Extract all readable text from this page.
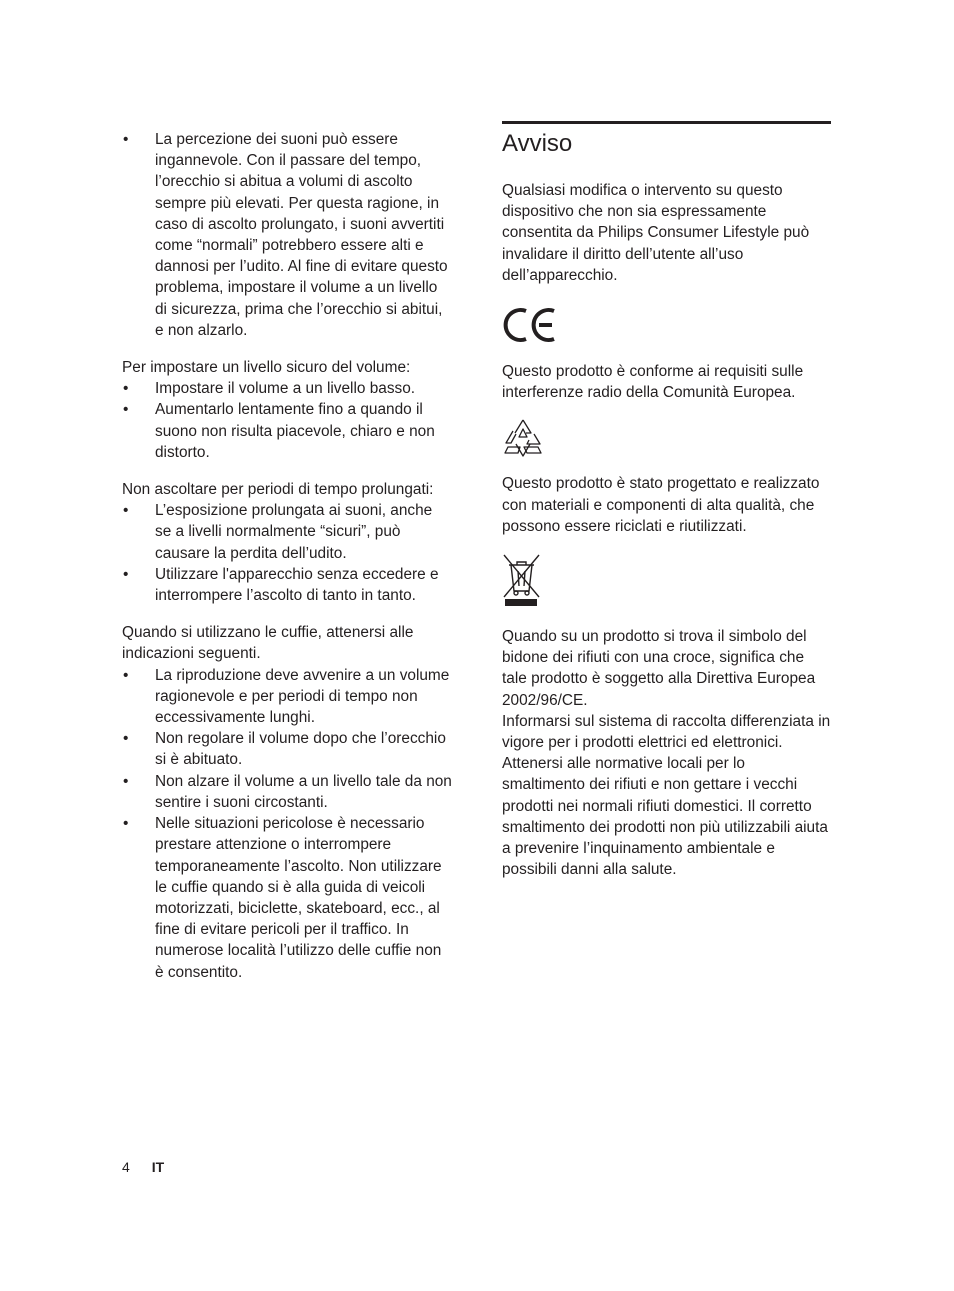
• La percezione dei suoni può essere ingannevole. Con il passare del tempo, l’orecchio si abitua a volumi di ascolto sempre più elevati. Per questa ragione, in caso di ascolto prolungato, i suoni avvertiti come “normali” potrebbero essere alti e dannosi per l’udito. Al fine di evitare questo problema, impostare il volume a un livello di sicurezza, prima che l’orecchio si abitui, e non alzarlo.

Per impostare un livello sicuro del volume:

• Impostare il volume a un livello basso.
• Aumentarlo lentamente fino a quando il suono non risulta piacevole, chiaro e non distorto.

Non ascoltare per periodi di tempo prolungati:

• L’esposizione prolungata ai suoni, anche se a livelli normalmente “sicuri”, può causare la perdita dell’udito.
• Utilizzare l'apparecchio senza eccedere e interrompere l’ascolto di tanto in tanto.

Quando si utilizzano le cuffie, attenersi alle indicazioni seguenti.

• La riproduzione deve avvenire a un volume ragionevole e per periodi di tempo non eccessivamente lunghi.
• Non regolare il volume dopo che l’orecchio si è abituato.
• Non alzare il volume a un livello tale da non sentire i suoni circostanti.
• Nelle situazioni pericolose è necessario prestare attenzione o interrompere temporaneamente l’ascolto. Non utilizzare le cuffie quando si è alla guida di veicoli motorizzati, biciclette, skateboard, ecc., al fine di evitare pericoli per il traffico. In numerose località l’utilizzo delle cuffie non è consentito.
Avviso

Qualsiasi modifica o intervento su questo dispositivo che non sia espressamente consentita da Philips Consumer Lifestyle può invalidare il diritto dell’utente all’uso dell’apparecchio.

Questo prodotto è conforme ai requisiti sulle interferenze radio della Comunità Europea.

Questo prodotto è stato progettato e realizzato con materiali e componenti di alta qualità, che possono essere riciclati e riutilizzati.

Quando su un prodotto si trova il simbolo del bidone dei rifiuti con una croce, significa che tale prodotto è soggetto alla Direttiva Europea 2002/96/CE.

Informarsi sul sistema di raccolta differenziata in vigore per i prodotti elettrici ed elettronici. Attenersi alle normative locali per lo smaltimento dei rifiuti e non gettare i vecchi prodotti nei normali rifiuti domestici. Il corretto smaltimento dei prodotti non più utilizzabili aiuta a prevenire l’inquinamento ambientale e possibili danni alla salute.

4 IT
